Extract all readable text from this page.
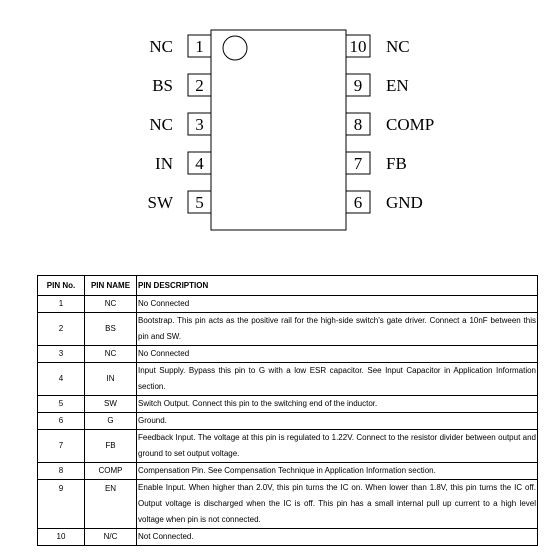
1
NC
2
BS
3
NC
4
IN
5
SW
10 NC
9 EN
8 COMP
7 FB
6 GND
PIN No.	PIN NAME	PIN DESCRIPTION
1	NC	No Connected
2	BS	Bootstrap. This pin acts as the positive rail for the high-side switch's gate driver. Connect a 10nF between this pin and SW.
3	NC	No Connected
4	IN	Input Supply. Bypass this pin to G with a low ESR capacitor. See Input Capacitor in Application Information section.
5	SW	Switch Output. Connect this pin to the switching end of the inductor.
6	G	Ground.
7	FB	Feedback Input. The voltage at this pin is regulated to 1.22V. Connect to the resistor divider between output and ground to set output voltage.
8	COMP	Compensation Pin. See Compensation Technique in Application Information section.
9	EN	Enable Input. When higher than 2.0V, this pin turns the IC on. When lower than 1.8V, this pin turns the IC off. Output voltage is discharged when the IC is off. This pin has a small internal pull up current to a high level voltage when pin is not connected.
10	N/C	Not Connected.
